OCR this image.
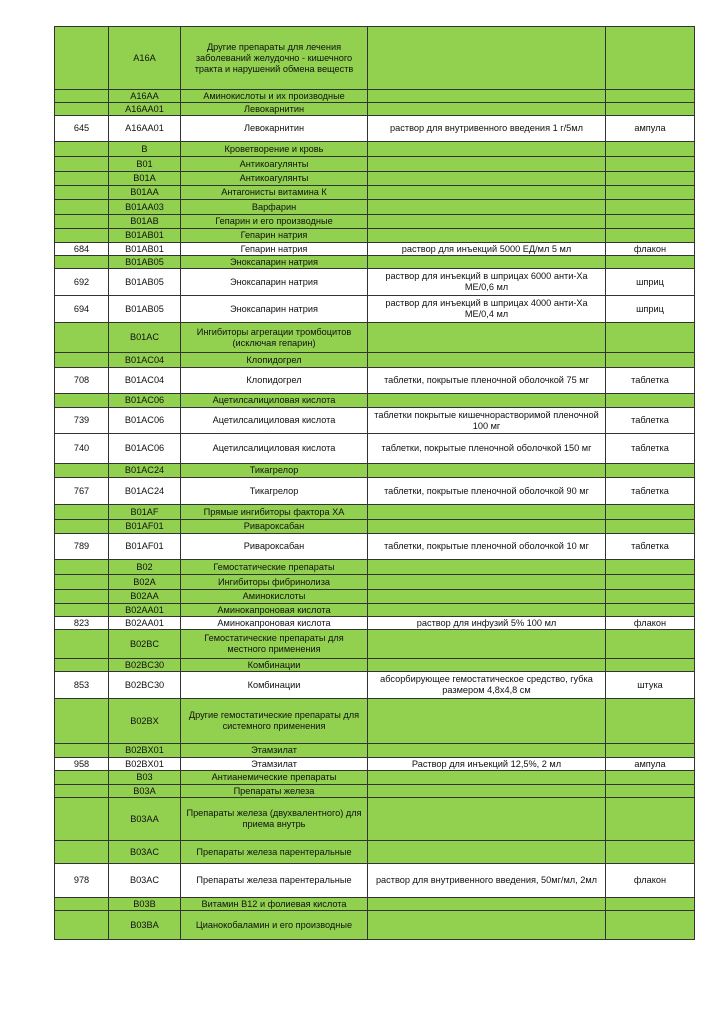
	A16A	Другие препараты для лечения заболеваний желудочно - кишечного тракта и нарушений обмена веществ		
	A16AA	Аминокислоты и их производные		
	A16AA01	Левокарнитин		
645	A16AA01	Левокарнитин	раствор для внутривенного введения 1 г/5мл	ампула
	B	Кроветворение и кровь		
	B01	Антикоагулянты		
	B01A	Антикоагулянты		
	B01AA	Антагонисты витамина К		
	B01AA03	Варфарин		
	B01AB	Гепарин и его производные		
	B01AB01	Гепарин натрия		
684	B01AB01	Гепарин натрия	раствор для инъекций 5000 ЕД/мл 5 мл	флакон
	B01AB05	Эноксапарин натрия		
692	B01AB05	Эноксапарин натрия	раствор для инъекций в шприцах 6000 анти-Ха МЕ/0,6 мл	шприц
694	B01AB05	Эноксапарин натрия	раствор для инъекций в шприцах 4000 анти-Ха МЕ/0,4 мл	шприц
	B01AC	Ингибиторы агрегации тромбоцитов (исключая гепарин)		
	B01AC04	Клопидогрел		
708	B01AC04	Клопидогрел	таблетки, покрытые пленочной оболочкой 75 мг	таблетка
	B01AC06	Ацетилсалициловая кислота		
739	B01AC06	Ацетилсалициловая кислота	таблетки покрытые кишечнорастворимой пленочной 100 мг	таблетка
740	B01AC06	Ацетилсалициловая кислота	таблетки, покрытые пленочной оболочкой 150 мг	таблетка
	B01AC24	Тикагрелор		
767	B01AC24	Тикагрелор	таблетки, покрытые пленочной оболочкой 90 мг	таблетка
	B01AF	Прямые ингибиторы фактора ХА		
	B01AF01	Ривароксабан		
789	B01AF01	Ривароксабан	таблетки, покрытые пленочной оболочкой 10 мг	таблетка
	B02	Гемостатические препараты		
	B02A	Ингибиторы фибринолиза		
	B02AA	Аминокислоты		
	B02AA01	Аминокапроновая кислота		
823	B02AA01	Аминокапроновая кислота	раствор для инфузий 5% 100 мл	флакон
	B02BC	Гемостатические препараты для местного применения		
	B02BC30	Комбинации		
853	B02BC30	Комбинации	абсорбирующее гемостатическое средство, губка размером 4,8х4,8 см	штука
	B02BX	Другие гемостатические препараты для системного применения		
	B02BX01	Этамзилат		
958	B02BX01	Этамзилат	Раствор для инъекций 12,5%, 2 мл	ампула
	B03	Антианемические препараты		
	B03A	Препараты железа		
	B03AA	Препараты железа (двухвалентного) для приема внутрь		
	B03AC	Препараты железа парентеральные		
978	B03AC	Препараты железа парентеральные	раствор для внутривенного введения, 50мг/мл, 2мл	флакон
	B03B	Витамин B12 и фолиевая кислота		
	B03BA	Цианокобаламин и его производные		
